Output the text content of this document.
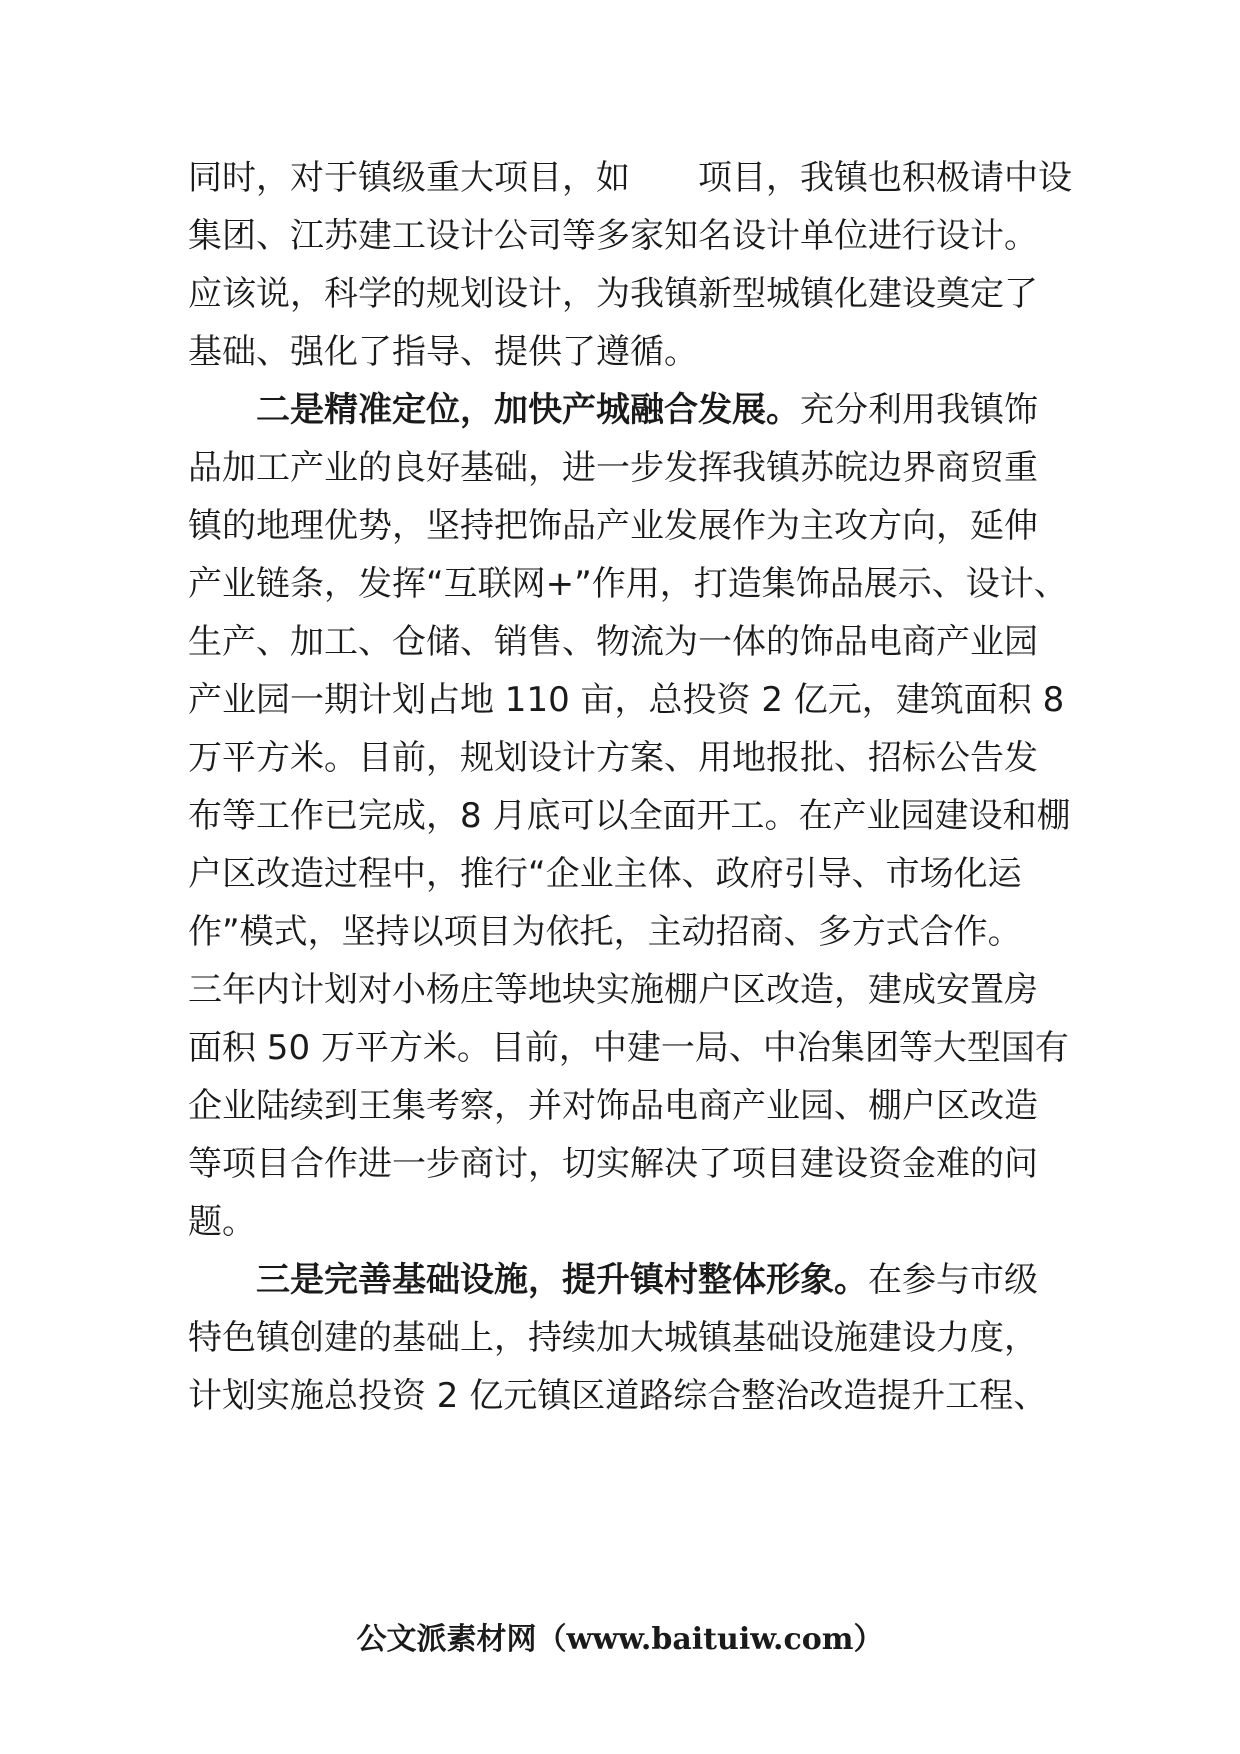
同时，对于镇级重大项目，如　　项目，我镇也积极请中设
集团、江苏建工设计公司等多家知名设计单位进行设计。
应该说，科学的规划设计，为我镇新型城镇化建设奠定了
基础、强化了指导、提供了遵循。
二是精准定位，加快产城融合发展。充分利用我镇饰
品加工产业的良好基础，进一步发挥我镇苏皖边界商贸重
镇的地理优势，坚持把饰品产业发展作为主攻方向，延伸
产业链条，发挥“互联网+”作用，打造集饰品展示、设计、
生产、加工、仓储、销售、物流为一体的饰品电商产业园
产业园一期计划占地 110 亩，总投资 2 亿元，建筑面积 8
万平方米。目前，规划设计方案、用地报批、招标公告发
布等工作已完成，8 月底可以全面开工。在产业园建设和棚
户区改造过程中，推行“企业主体、政府引导、市场化运
作”模式，坚持以项目为依托，主动招商、多方式合作。
三年内计划对小杨庄等地块实施棚户区改造，建成安置房
面积 50 万平方米。目前，中建一局、中冶集团等大型国有
企业陆续到王集考察，并对饰品电商产业园、棚户区改造
等项目合作进一步商讨，切实解决了项目建设资金难的问
题。
三是完善基础设施，提升镇村整体形象。在参与市级
特色镇创建的基础上，持续加大城镇基础设施建设力度，
计划实施总投资 2 亿元镇区道路综合整治改造提升工程、
公文派素材网（www.baituiw.com）
